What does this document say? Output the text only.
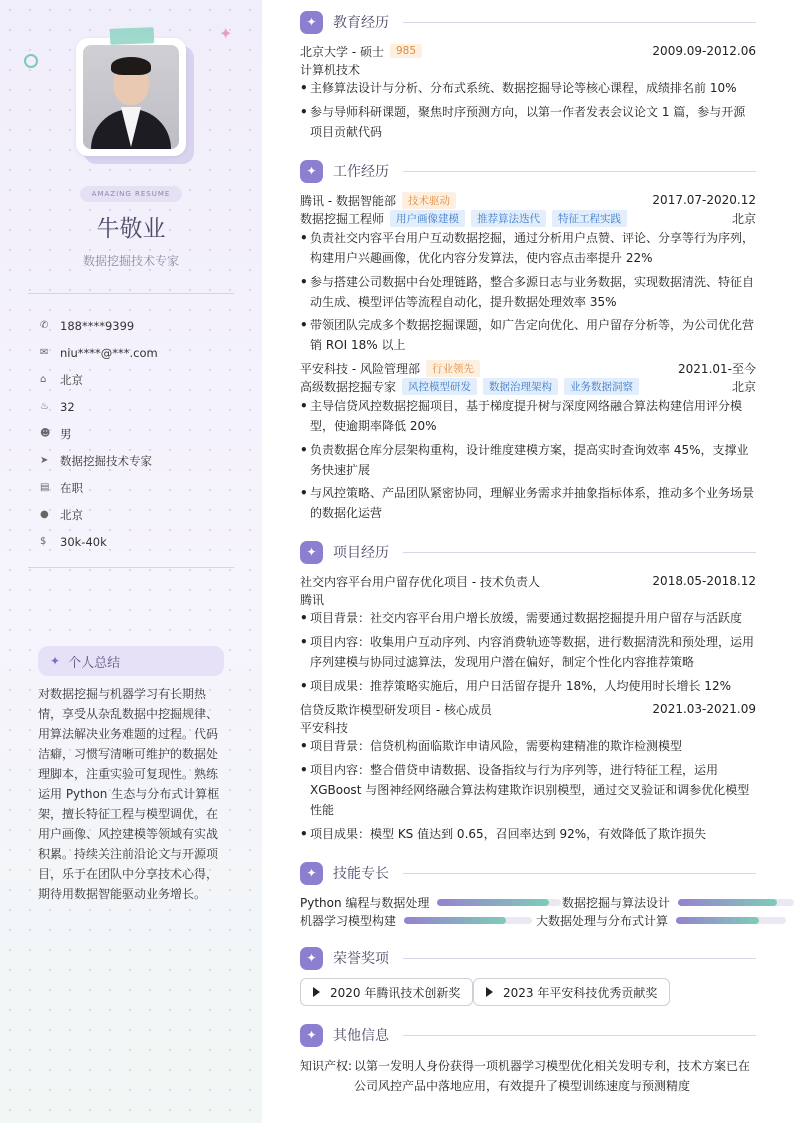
✦
AMAZING RESUME
牛敬业
数据挖掘技术专家
✆	188****9399
✉	niu****@***.com
⌂	北京
♨ 32
☻ 男
➤	数据挖掘技术专家
▤ 在职
● 北京
$	30k-40k
✦ 个人总结
对数据挖掘与机器学习有长期热情，享受从杂乱数据中挖掘规律、用算法解决业务难题的过程。代码洁癖，习惯写清晰可维护的数据处理脚本，注重实验可复现性。熟练运用 Python 生态与分布式计算框架，擅长特征工程与模型调优，在用户画像、风控建模等领域有实战积累。持续关注前沿论文与开源项目，乐于在团队中分享技术心得，期待用数据智能驱动业务增长。
✦	教育经历
北京大学 - 硕士	985	2009.09-2012.06
计算机技术
• 主修算法设计与分析、分布式系统、数据挖掘导论等核心课程，成绩排名前 10%
• 参与导师科研课题，聚焦时序预测方向，以第一作者发表会议论文 1 篇，参与开源项目贡献代码
✦	工作经历
腾讯 - 数据智能部	技术驱动	2017.07-2020.12
数据挖掘工程师	用户画像建模	推荐算法迭代	特征工程实践	北京
• 负责社交内容平台用户互动数据挖掘，通过分析用户点赞、评论、分享等行为序列，构建用户兴趣画像，优化内容分发算法，使内容点击率提升 22%
• 参与搭建公司数据中台处理链路，整合多源日志与业务数据，实现数据清洗、特征自动生成、模型评估等流程自动化，提升数据处理效率 35%
• 带领团队完成多个数据挖掘课题，如广告定向优化、用户留存分析等，为公司优化营销 ROI 18% 以上
平安科技 - 风险管理部	行业领先	2021.01-至今
高级数据挖掘专家	风控模型研发	数据治理架构	业务数据洞察	北京
• 主导信贷风控数据挖掘项目，基于梯度提升树与深度网络融合算法构建信用评分模型，使逾期率降低 20%
• 负责数据仓库分层架构重构，设计维度建模方案，提高实时查询效率 45%，支撑业务快速扩展
• 与风控策略、产品团队紧密协同，理解业务需求并抽象指标体系，推动多个业务场景的数据化运营
✦	项目经历
社交内容平台用户留存优化项目 - 技术负责人	2018.05-2018.12
腾讯
• 项目背景：社交内容平台用户增长放缓，需要通过数据挖掘提升用户留存与活跃度
• 项目内容：收集用户互动序列、内容消费轨迹等数据，进行数据清洗和预处理，运用序列建模与协同过滤算法，发现用户潜在偏好，制定个性化内容推荐策略
• 项目成果：推荐策略实施后，用户日活留存提升 18%，人均使用时长增长 12%
信贷反欺诈模型研发项目 - 核心成员	2021.03-2021.09
平安科技
• 项目背景：信贷机构面临欺诈申请风险，需要构建精准的欺诈检测模型
• 项目内容：整合借贷申请数据、设备指纹与行为序列等，进行特征工程，运用 XGBoost 与图神经网络融合算法构建欺诈识别模型，通过交叉验证和调参优化模型性能
• 项目成果：模型 KS 值达到 0.65，召回率达到 92%，有效降低了欺诈损失
✦	技能专长
Python 编程与数据处理	数据挖掘与算法设计
机器学习模型构建	大数据处理与分布式计算
✦	荣誉奖项
2020 年腾讯技术创新奖	2023 年平安科技优秀贡献奖
✦	其他信息
知识产权: 以第一发明人身份获得一项机器学习模型优化相关发明专利，技术方案已在公司风控产品中落地应用，有效提升了模型训练速度与预测精度
